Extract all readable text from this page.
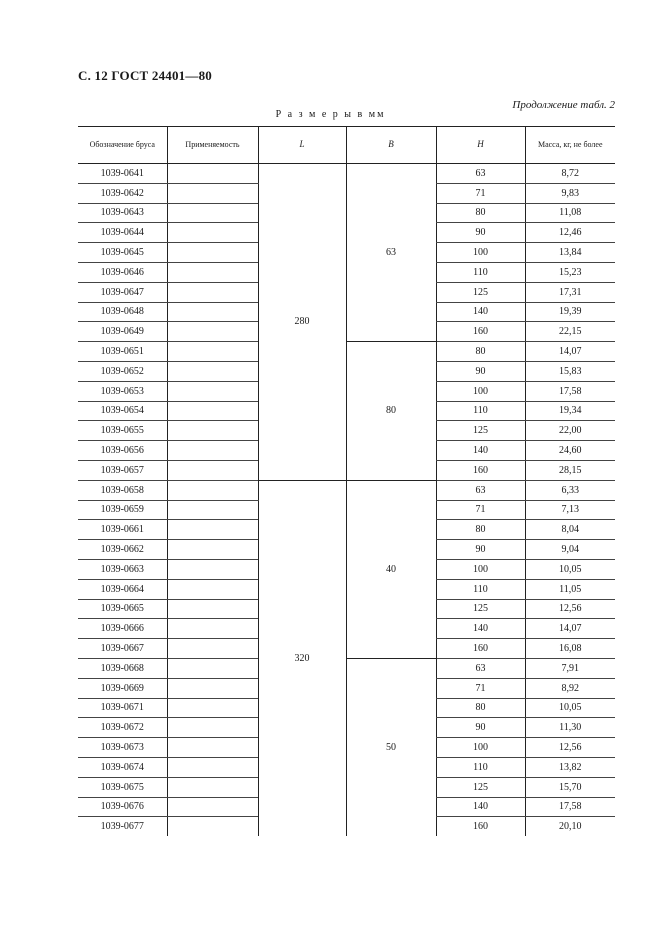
С. 12 ГОСТ 24401—80
Продолжение табл. 2
Р а з м е р ы в мм
Обозначение бруса	Применяемость	L	B	H	Масса, кг, не более
1039-0641		280	63	63	8,72
1039-0642				71	9,83
1039-0643				80	11,08
1039-0644				90	12,46
1039-0645				100	13,84
1039-0646				110	15,23
1039-0647				125	17,31
1039-0648				140	19,39
1039-0649				160	22,15
1039-0651			80	80	14,07
1039-0652				90	15,83
1039-0653				100	17,58
1039-0654				110	19,34
1039-0655				125	22,00
1039-0656				140	24,60
1039-0657				160	28,15
1039-0658		320	40	63	6,33
1039-0659				71	7,13
1039-0661				80	8,04
1039-0662				90	9,04
1039-0663				100	10,05
1039-0664				110	11,05
1039-0665				125	12,56
1039-0666				140	14,07
1039-0667				160	16,08
1039-0668			50	63	7,91
1039-0669				71	8,92
1039-0671				80	10,05
1039-0672				90	11,30
1039-0673				100	12,56
1039-0674				110	13,82
1039-0675				125	15,70
1039-0676				140	17,58
1039-0677				160	20,10
